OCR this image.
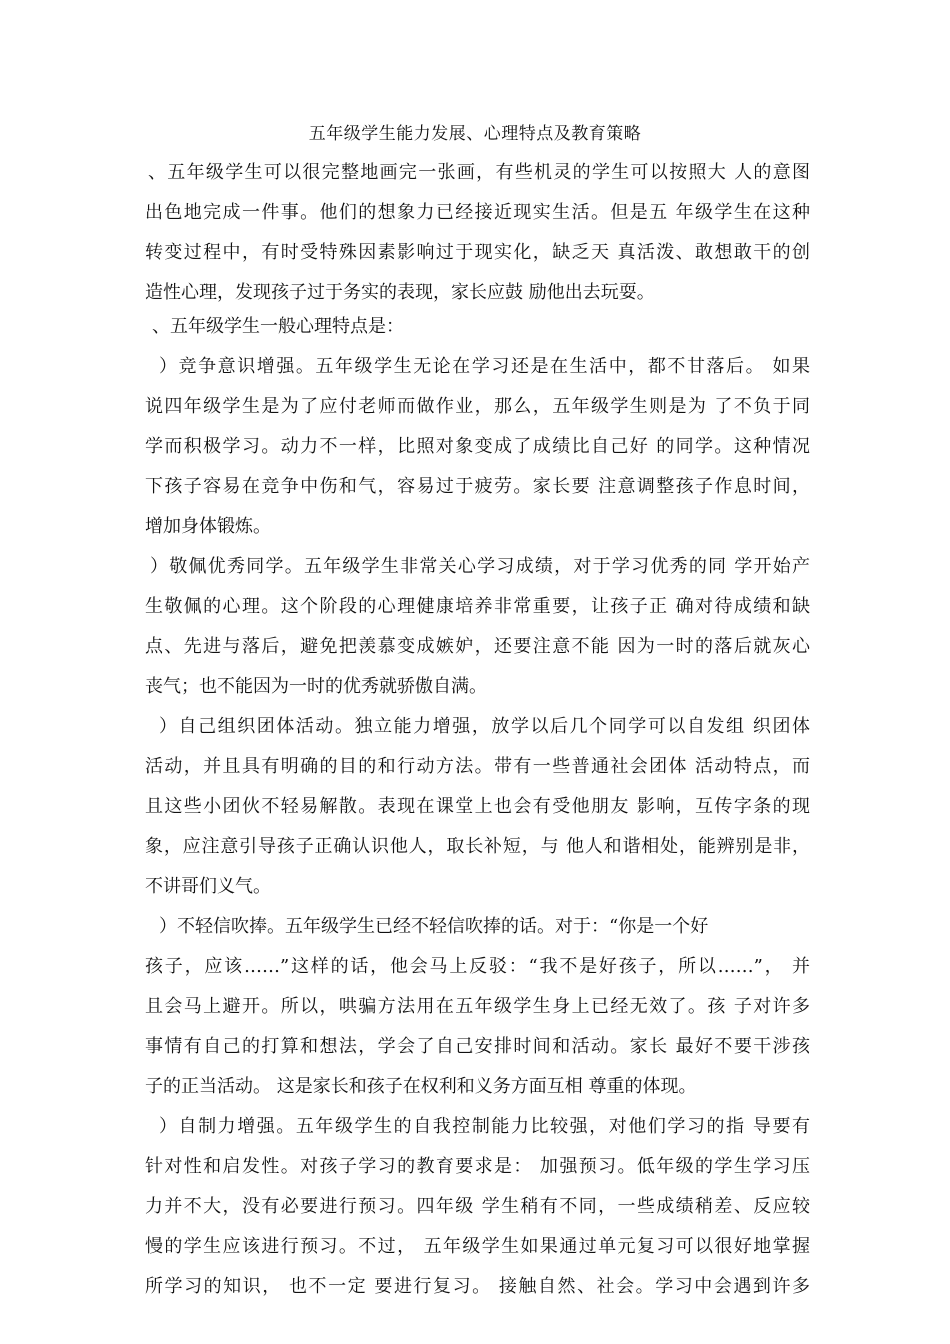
五年级学生能力发展、心理特点及教育策略
、五年级学生可以很完整地画完一张画，有些机灵的学生可以按照大 人的意图
出色地完成一件事。他们的想象力已经接近现实生活。但是五 年级学生在这种
转变过程中，有时受特殊因素影响过于现实化，缺乏天 真活泼、敢想敢干的创
造性心理，发现孩子过于务实的表现，家长应鼓 励他出去玩耍。
、五年级学生一般心理特点是：
）竞争意识增强。五年级学生无论在学习还是在生活中，都不甘落后。 如果
说四年级学生是为了应付老师而做作业，那么，五年级学生则是为 了不负于同
学而积极学习。动力不一样，比照对象变成了成绩比自己好 的同学。这种情况
下孩子容易在竞争中伤和气，容易过于疲劳。家长要 注意调整孩子作息时间，
增加身体锻炼。
）敬佩优秀同学。五年级学生非常关心学习成绩，对于学习优秀的同 学开始产
生敬佩的心理。这个阶段的心理健康培养非常重要，让孩子正 确对待成绩和缺
点、先进与落后，避免把羡慕变成嫉妒，还要注意不能 因为一时的落后就灰心
丧气；也不能因为一时的优秀就骄傲自满。
）自己组织团体活动。独立能力增强，放学以后几个同学可以自发组 织团体
活动，并且具有明确的目的和行动方法。带有一些普通社会团体 活动特点，而
且这些小团伙不轻易解散。表现在课堂上也会有受他朋友 影响，互传字条的现
象，应注意引导孩子正确认识他人，取长补短，与 他人和谐相处，能辨别是非，
不讲哥们义气。
）不轻信吹捧。五年级学生已经不轻信吹捧的话。对于：“你是一个好
孩子，应该……”这样的话，他会马上反驳：“我不是好孩子，所以……”， 并
且会马上避开。所以，哄骗方法用在五年级学生身上已经无效了。孩 子对许多
事情有自己的打算和想法，学会了自己安排时间和活动。家长 最好不要干涉孩
子的正当活动。 这是家长和孩子在权利和义务方面互相 尊重的体现。
）自制力增强。五年级学生的自我控制能力比较强，对他们学习的指 导要有
针对性和启发性。对孩子学习的教育要求是： 加强预习。低年级的学生学习压
力并不大，没有必要进行预习。四年级 学生稍有不同，一些成绩稍差、反应较
慢的学生应该进行预习。不过， 五年级学生如果通过单元复习可以很好地掌握
所学习的知识， 也不一定 要进行复习。 接触自然、社会。学习中会遇到许多
